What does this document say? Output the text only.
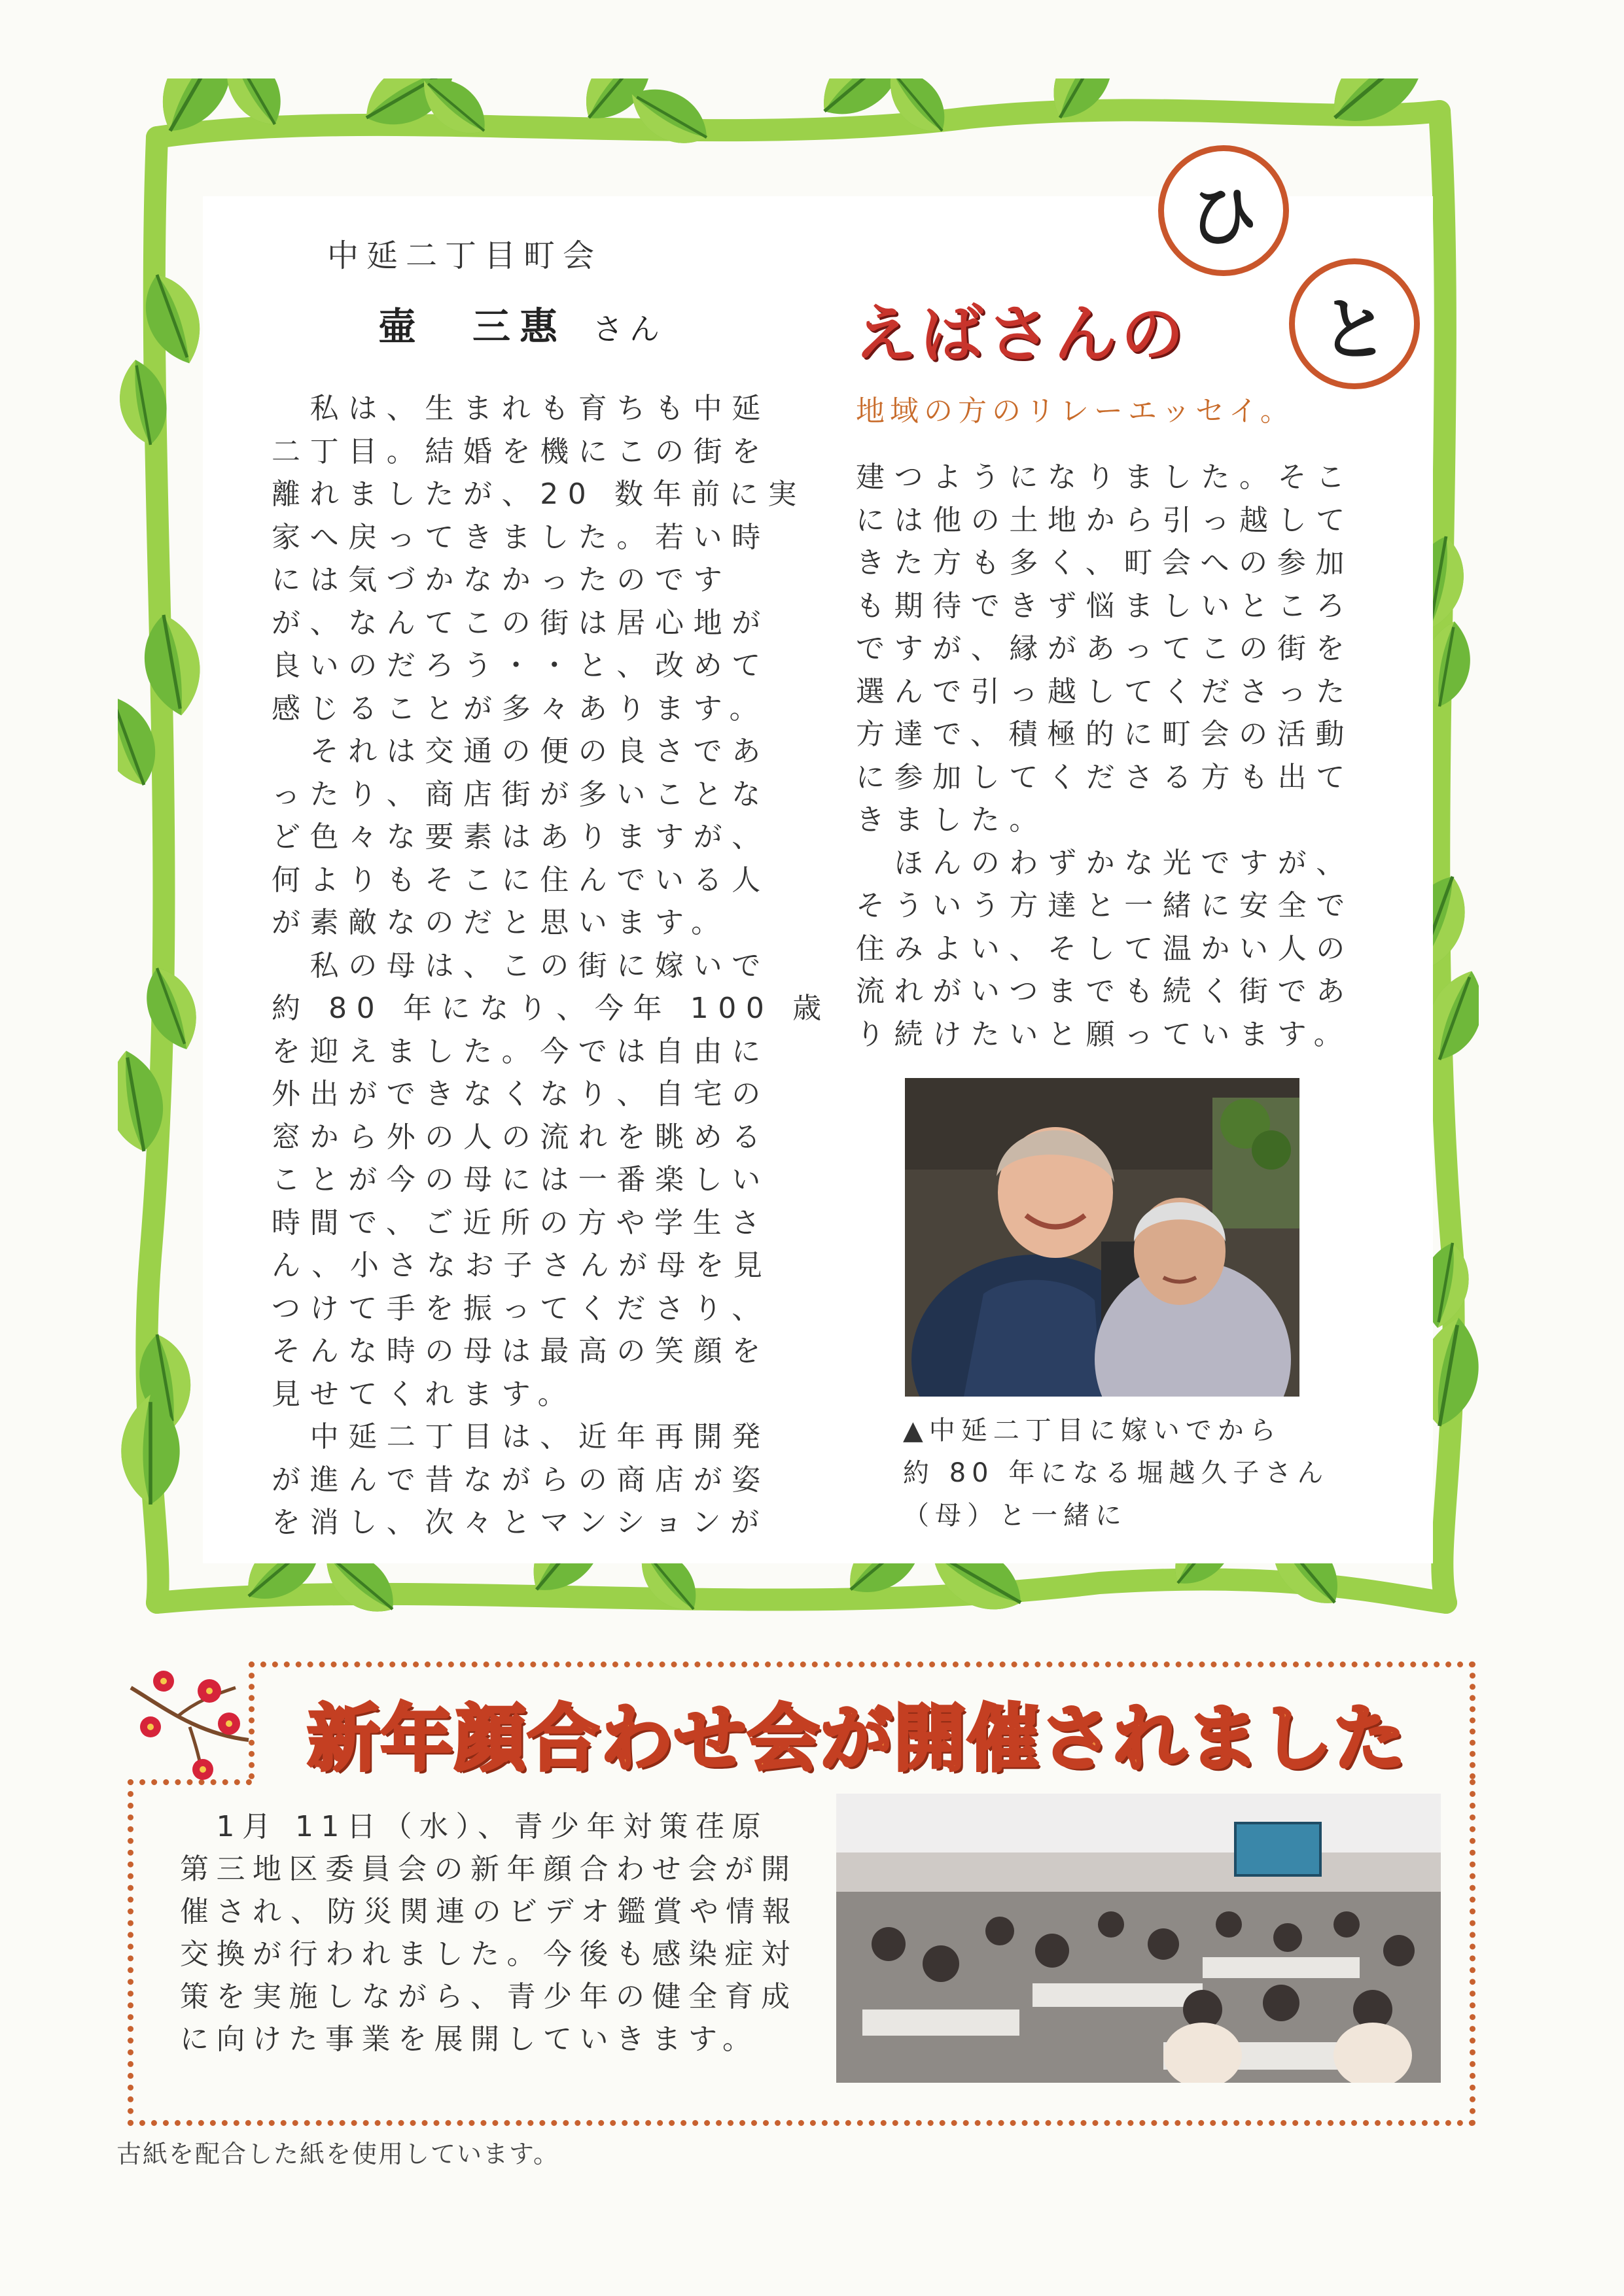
中延二丁目町会
壷　三惠 さん	えばさんの
ひ
と
地域の方のリレーエッセイ。

　私は、生まれも育ちも中延
二丁目。結婚を機にこの街を
離れましたが、20 数年前に実
家へ戻ってきました。若い時
には気づかなかったのです
が、なんてこの街は居心地が
良いのだろう・・と、改めて
感じることが多々あります。
　それは交通の便の良さであ
ったり、商店街が多いことな
ど色々な要素はありますが、
何よりもそこに住んでいる人
が素敵なのだと思います。
　私の母は、この街に嫁いで
約 80 年になり、今年 100 歳
を迎えました。今では自由に
外出ができなくなり、自宅の
窓から外の人の流れを眺める
ことが今の母には一番楽しい
時間で、ご近所の方や学生さ
ん、小さなお子さんが母を見
つけて手を振ってくださり、
そんな時の母は最高の笑顔を
見せてくれます。
　中延二丁目は、近年再開発
が進んで昔ながらの商店が姿
を消し、次々とマンションが

建つようになりました。そこ
には他の土地から引っ越して
きた方も多く、町会への参加
も期待できず悩ましいところ
ですが、縁があってこの街を
選んで引っ越してくださった
方達で、積極的に町会の活動
に参加してくださる方も出て
きました。
　ほんのわずかな光ですが、
そういう方達と一緒に安全で
住みよい、そして温かい人の
流れがいつまでも続く街であ
り続けたいと願っています。

▲中延二丁目に嫁いでから
約 80 年になる堀越久子さん
（母）と一緒に

新年顔合わせ会が開催されました

　1月 11日（水）、青少年対策荏原
第三地区委員会の新年顔合わせ会が開
催され、防災関連のビデオ鑑賞や情報
交換が行われました。今後も感染症対
策を実施しながら、青少年の健全育成
に向けた事業を展開していきます。

古紙を配合した紙を使用しています。
